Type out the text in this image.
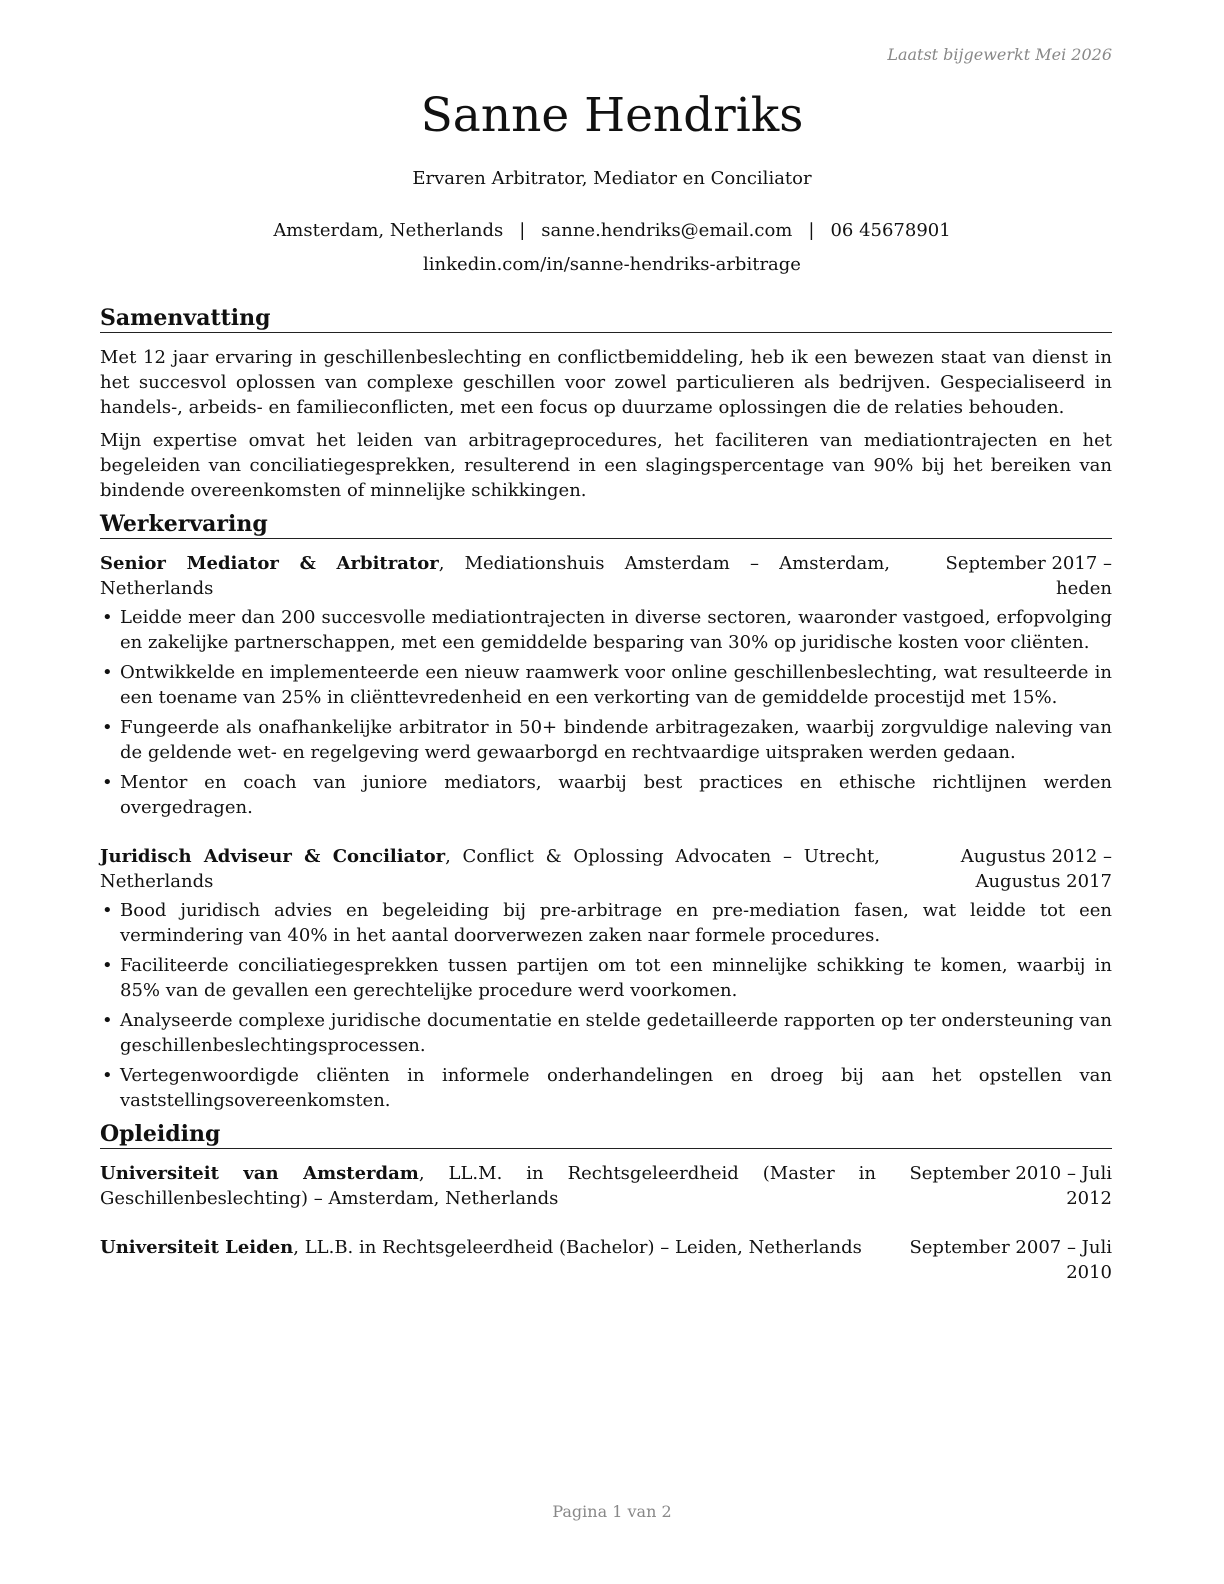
Laatst bijgewerkt Mei 2026
Sanne Hendriks
Ervaren Arbitrator, Mediator en Conciliator
Amsterdam, Netherlands | sanne.hendriks@email.com | 06 45678901
linkedin.com/in/sanne-hendriks-arbitrage
Samenvatting

Met 12 jaar ervaring in geschillenbeslechting en conflictbemiddeling, heb ik een bewezen staat van dienst in het succesvol oplossen van complexe geschillen voor zowel particulieren als bedrijven. Gespecialiseerd in handels-, arbeids- en familieconflicten, met een focus op duurzame oplossingen die de relaties behouden.

Mijn expertise omvat het leiden van arbitrageprocedures, het faciliteren van mediationtrajecten en het begeleiden van conciliatiegesprekken, resulterend in een slagingspercentage van 90% bij het bereiken van bindende overeenkomsten of minnelijke schikkingen.

Werkervaring
Senior Mediator & Arbitrator, Mediationshuis Amsterdam – Amsterdam, Netherlands
September 2017 – heden
• Leidde meer dan 200 succesvolle mediationtrajecten in diverse sectoren, waaronder vastgoed, erfopvolging en zakelijke partnerschappen, met een gemiddelde besparing van 30% op juridische kosten voor cliënten.
• Ontwikkelde en implementeerde een nieuw raamwerk voor online geschillenbeslechting, wat resulteerde in een toename van 25% in cliënttevredenheid en een verkorting van de gemiddelde procestijd met 15%.
• Fungeerde als onafhankelijke arbitrator in 50+ bindende arbitragezaken, waarbij zorgvuldige naleving van de geldende wet- en regelgeving werd gewaarborgd en rechtvaardige uitspraken werden gedaan.
• Mentor en coach van juniore mediators, waarbij best practices en ethische richtlijnen werden overgedragen.
Juridisch Adviseur & Conciliator, Conflict & Oplossing Advocaten – Utrecht, Netherlands
Augustus 2012 – Augustus 2017
• Bood juridisch advies en begeleiding bij pre-arbitrage en pre-mediation fasen, wat leidde tot een vermindering van 40% in het aantal doorverwezen zaken naar formele procedures.
• Faciliteerde conciliatiegesprekken tussen partijen om tot een minnelijke schikking te komen, waarbij in 85% van de gevallen een gerechtelijke procedure werd voorkomen.
• Analyseerde complexe juridische documentatie en stelde gedetailleerde rapporten op ter ondersteuning van geschillenbeslechtingsprocessen.
• Vertegenwoordigde cliënten in informele onderhandelingen en droeg bij aan het opstellen van vaststellingsovereenkomsten.
Opleiding
Universiteit van Amsterdam, LL.M. in Rechtsgeleerdheid (Master in Geschillenbeslechting) – Amsterdam, Netherlands
September 2010 – Juli 2012
Universiteit Leiden, LL.B. in Rechtsgeleerdheid (Bachelor) – Leiden, Netherlands	September 2007 – Juli 2010
Pagina 1 van 2
